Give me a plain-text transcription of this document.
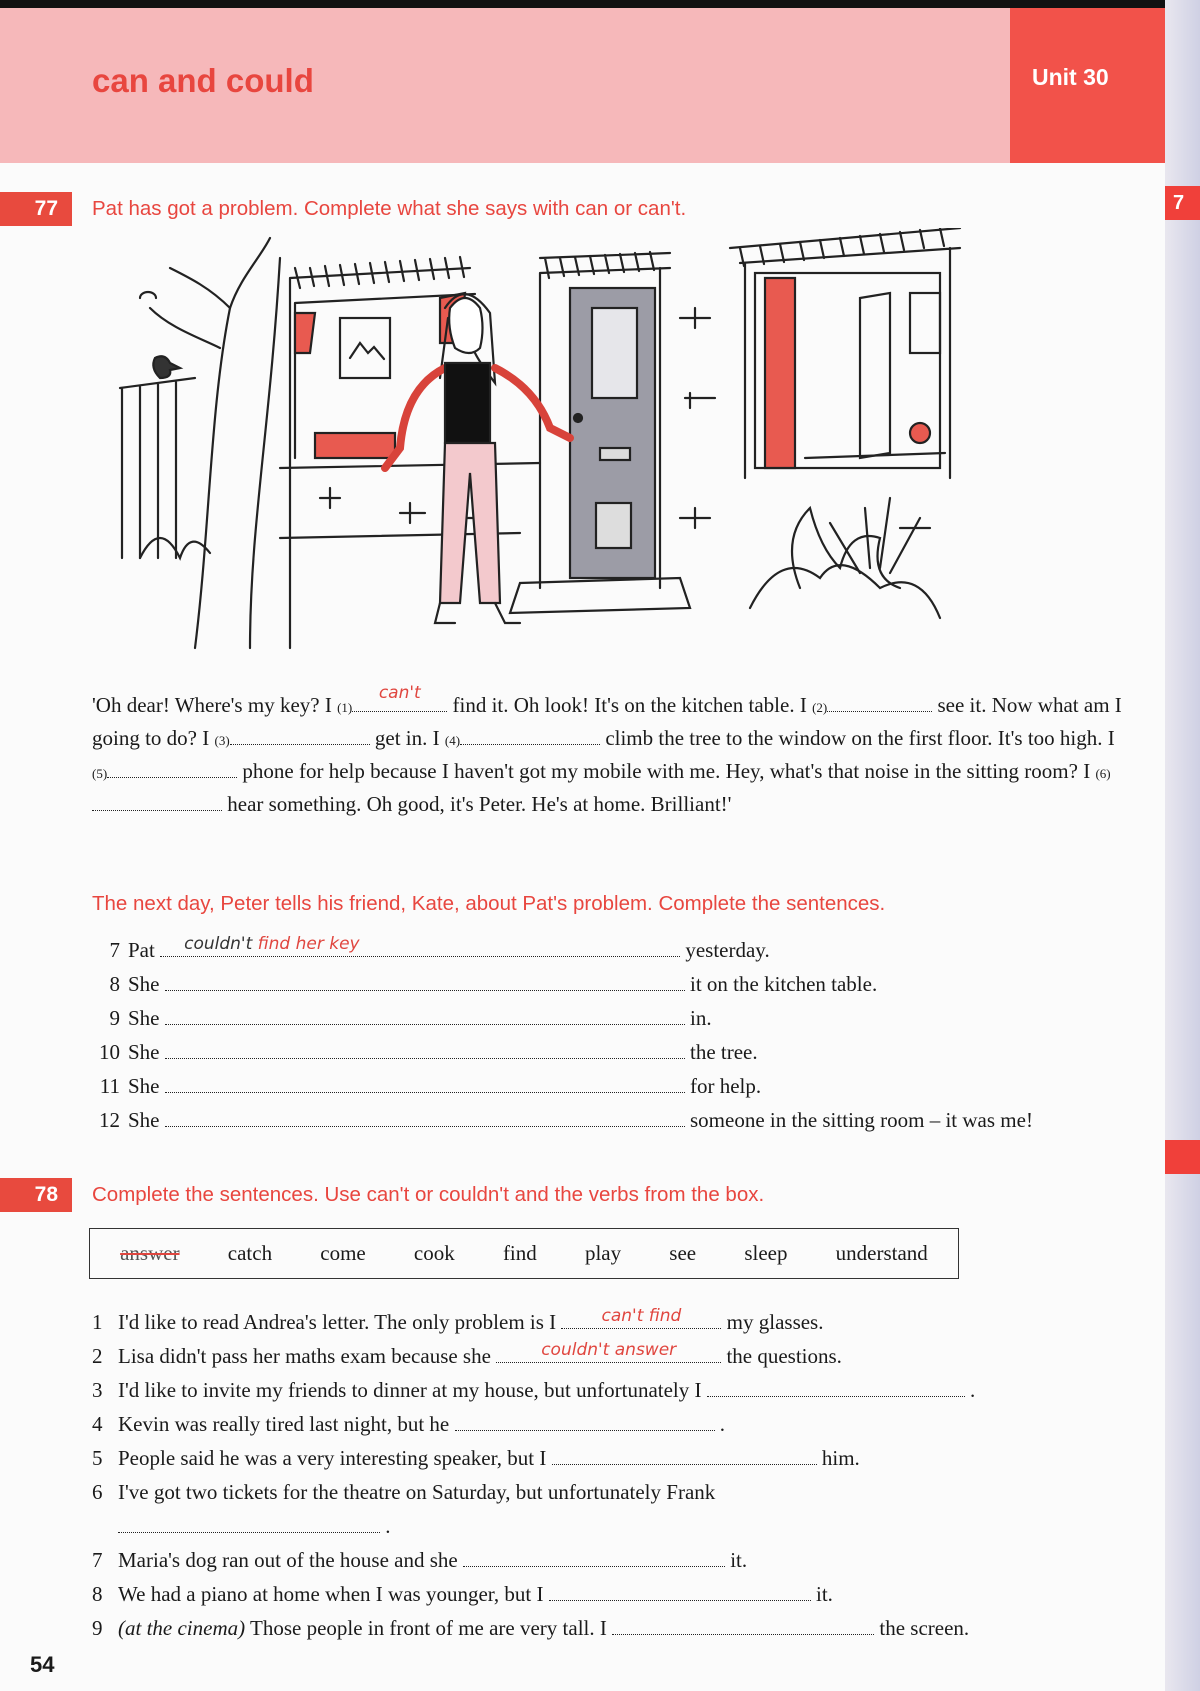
7
can and could	Unit 30
77	Pat has got a problem. Complete what she says with can or can't.
'Oh dear! Where's my key? I (1)
can't	find it. Oh look! It's on the kitchen table. I (2)	see it. Now what am I going to do? I (3)	get in. I (4)	climb the tree to the window on the first floor. It's too high. I (5)	phone for help because I haven't got my mobile with me. Hey, what's that noise in the sitting room? I (6) hear something. Oh good, it's Peter. He's at home. Brilliant!'
The next day, Peter tells his friend, Kate, about Pat's problem. Complete the sentences.
7 Pat couldn't find her key	yesterday.
8 She	it on the kitchen table.
9 She	in.
10 She	the tree.
11 She	for help.
12 She	someone in the sitting room – it was me!
78	Complete the sentences. Use can't or couldn't and the verbs from the box.
answer catch come cook find play see sleep understand
1 I'd like to read Andrea's letter. The only problem is I	can't find	my glasses.
2 Lisa didn't pass her maths exam because she	couldn't answer	the questions.
3 I'd like to invite my friends to dinner at my house, but unfortunately I	.
4 Kevin was really tired last night, but he	.
5 People said he was a very interesting speaker, but I	him.
6 I've got two tickets for the theatre on Saturday, but unfortunately Frank
.
7 Maria's dog ran out of the house and she	it.
8 We had a piano at home when I was younger, but I	it.
9 (at the cinema) Those people in front of me are very tall. I	the screen.
54
